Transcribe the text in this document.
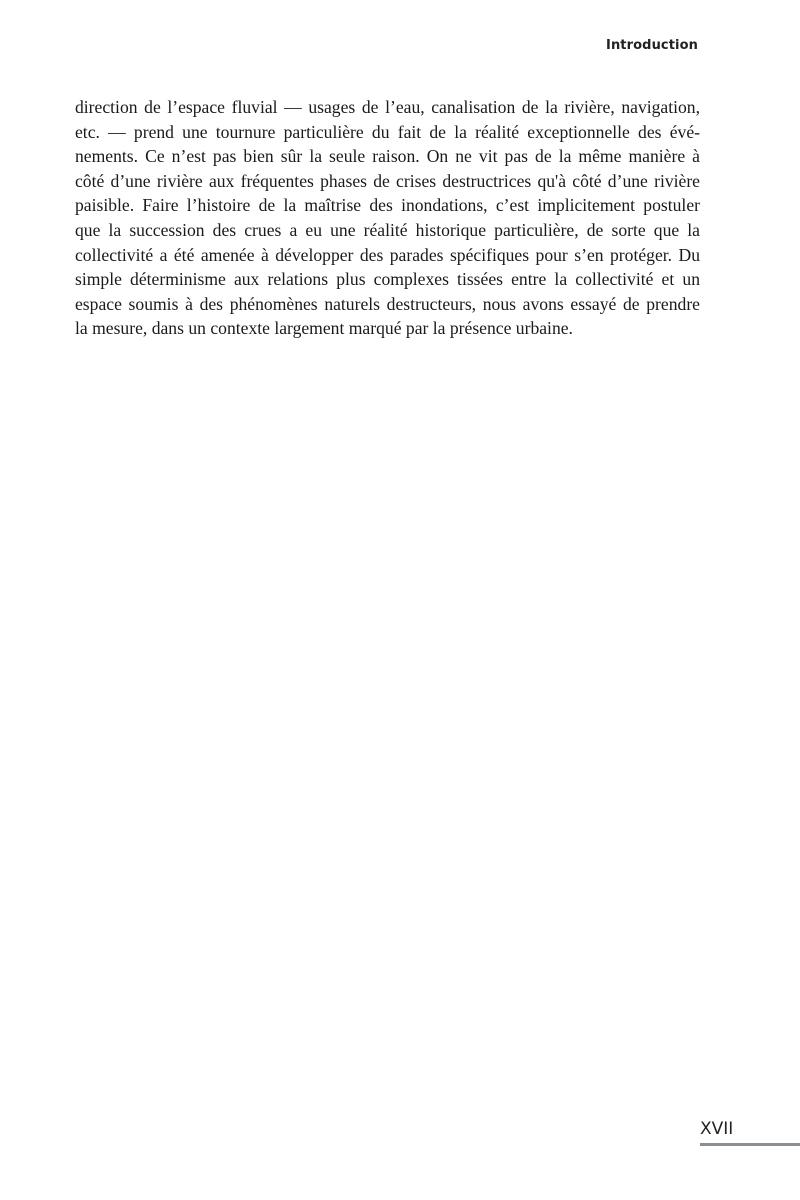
Introduction
direction de l’espace fluvial — usages de l’eau, canalisation de la rivière, navigation,
etc. — prend une tournure particulière du fait de la réalité exceptionnelle des évé-
nements. Ce n’est pas bien sûr la seule raison. On ne vit pas de la même manière à
côté d’une rivière aux fréquentes phases de crises destructrices qu'à côté d’une rivière
paisible. Faire l’histoire de la maîtrise des inondations, c’est implicitement postuler
que la succession des crues a eu une réalité historique particulière, de sorte que la
collectivité a été amenée à développer des parades spécifiques pour s’en protéger. Du
simple déterminisme aux relations plus complexes tissées entre la collectivité et un
espace soumis à des phénomènes naturels destructeurs, nous avons essayé de prendre
la mesure, dans un contexte largement marqué par la présence urbaine.
XVII
